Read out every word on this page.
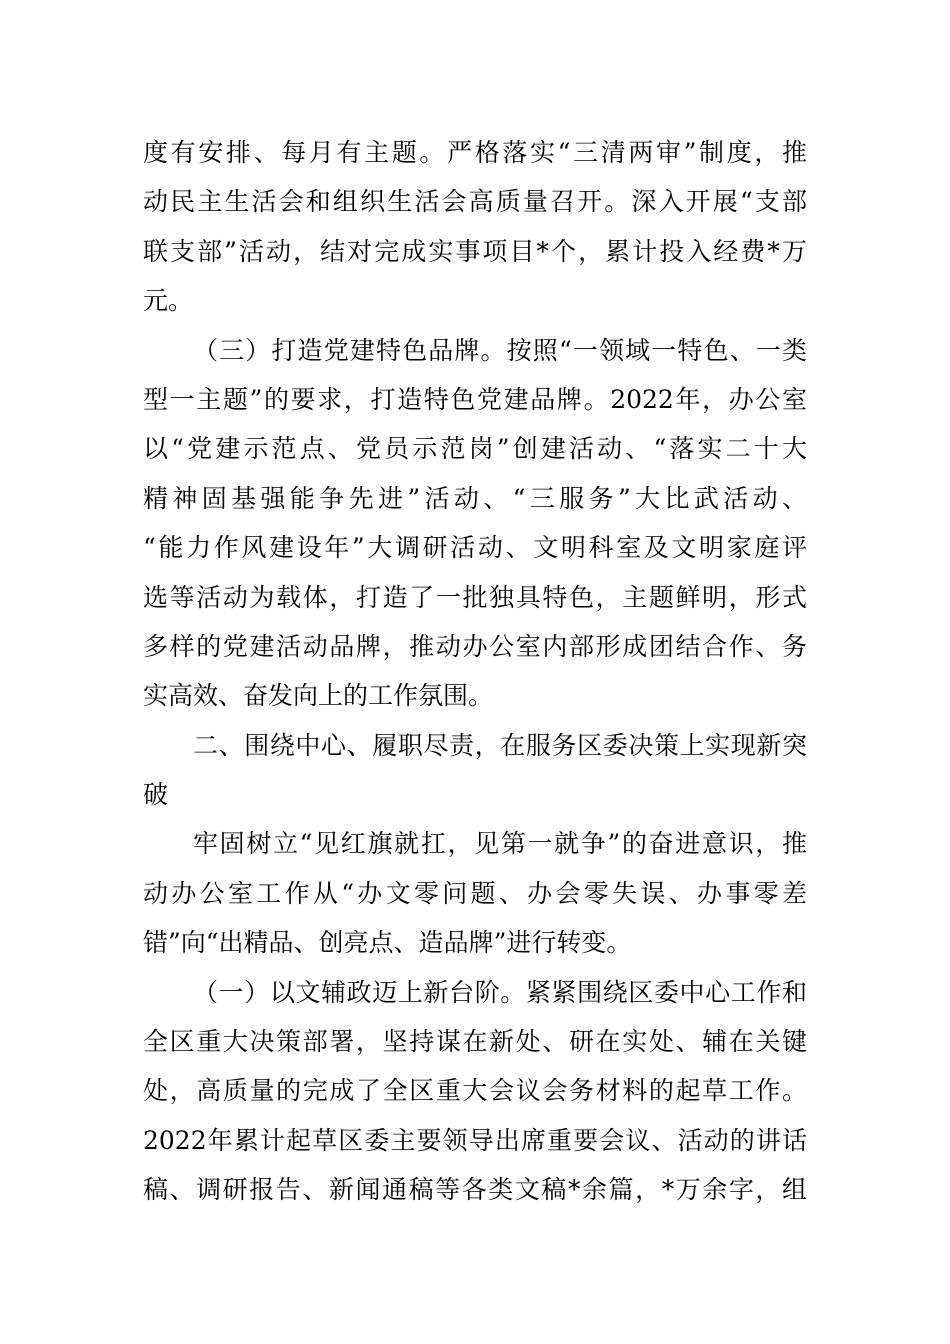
度有安排、每月有主题。严格落实“三清两审”制度，推
动民主生活会和组织生活会高质量召开。深入开展“支部
联支部”活动，结对完成实事项目*个，累计投入经费*万
元。
（三）打造党建特色品牌。按照“一领域一特色、一类
型一主题”的要求，打造特色党建品牌。2022年，办公室
以“党建示范点、党员示范岗”创建活动、“落实二十大
精神固基强能争先进”活动、“三服务”大比武活动、
“能力作风建设年”大调研活动、文明科室及文明家庭评
选等活动为载体，打造了一批独具特色，主题鲜明，形式
多样的党建活动品牌，推动办公室内部形成团结合作、务
实高效、奋发向上的工作氛围。
二、围绕中心、履职尽责，在服务区委决策上实现新突
破
牢固树立“见红旗就扛，见第一就争”的奋进意识，推
动办公室工作从“办文零问题、办会零失误、办事零差
错”向“出精品、创亮点、造品牌”进行转变。
（一）以文辅政迈上新台阶。紧紧围绕区委中心工作和
全区重大决策部署，坚持谋在新处、研在实处、辅在关键
处，高质量的完成了全区重大会议会务材料的起草工作。
2022年累计起草区委主要领导出席重要会议、活动的讲话
稿、调研报告、新闻通稿等各类文稿*余篇，*万余字，组
